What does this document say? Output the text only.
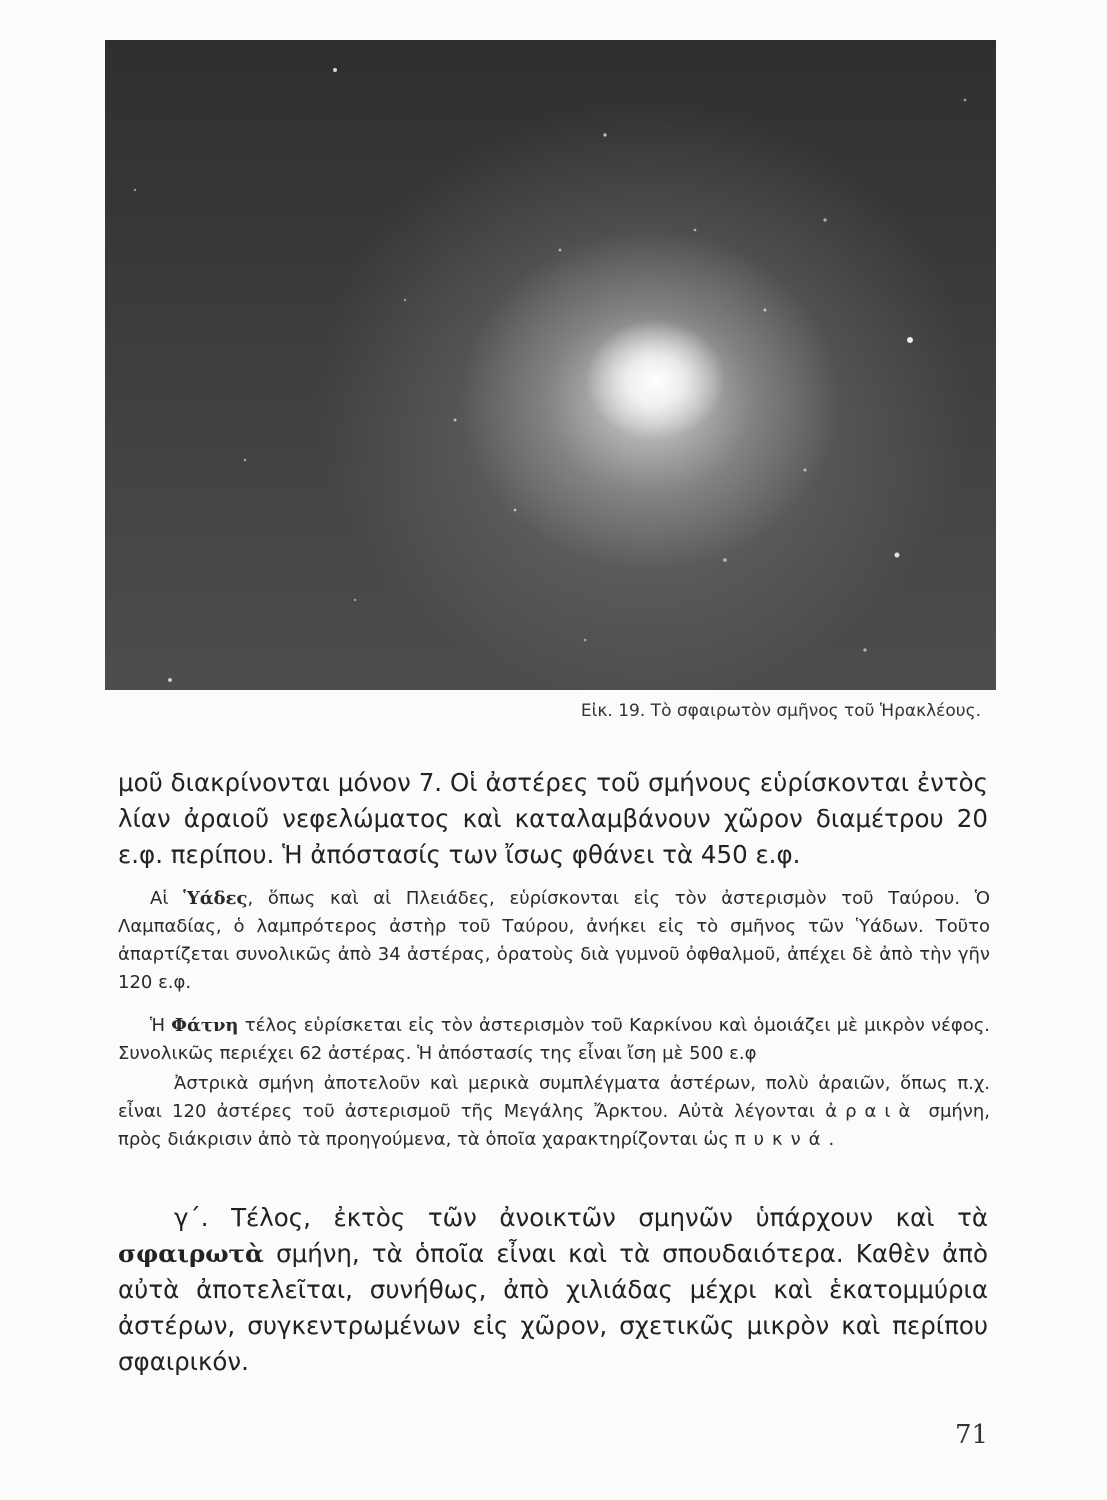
Εἰκ. 19. Τὸ σφαιρωτὸν σμῆνος τοῦ Ἡρακλέους.

μοῦ διακρίνονται μόνον 7. Οἱ ἀστέρες τοῦ σμήνους εὑρίσκονται ἐντὸς λίαν ἀραιοῦ νεφελώματος καὶ καταλαμβάνουν χῶρον διαμέτρου 20 ε.φ. περίπου. Ἡ ἀπόστασίς των ἴσως φθάνει τὰ 450 ε.φ.

Αἱ Ὑάδες, ὅπως καὶ αἱ Πλειάδες, εὑρίσκονται εἰς τὸν ἀστερισμὸν τοῦ Ταύρου. Ὁ Λαμπαδίας, ὁ λαμπρότερος ἀστὴρ τοῦ Ταύρου, ἀνήκει εἰς τὸ σμῆνος τῶν Ὑάδων. Τοῦτο ἀπαρτίζεται συνολικῶς ἀπὸ 34 ἀστέρας, ὁρατοὺς διὰ γυμνοῦ ὀφθαλμοῦ, ἀπέχει δὲ ἀπὸ τὴν γῆν 120 ε.φ.

Ἡ Φάτνη τέλος εὑρίσκεται εἰς τὸν ἀστερισμὸν τοῦ Καρκίνου καὶ ὁμοιάζει μὲ μικρὸν νέφος. Συνολικῶς περιέχει 62 ἀστέρας. Ἡ ἀπόστασίς της εἶναι ἴση μὲ 500 ε.φ

Ἀστρικὰ σμήνη ἀποτελοῦν καὶ μερικὰ συμπλέγματα ἀστέρων, πολὺ ἀραιῶν, ὅπως π.χ. εἶναι 120 ἀστέρες τοῦ ἀστερισμοῦ τῆς Μεγάλης Ἄρκτου. Αὐτὰ λέγονται ἀραιὰ σμήνη, πρὸς διάκρισιν ἀπὸ τὰ προηγούμενα, τὰ ὁποῖα χαρακτηρίζονται ὡς πυκνά.

γ΄. Τέλος, ἐκτὸς τῶν ἀνοικτῶν σμηνῶν ὑπάρχουν καὶ τὰ σφαιρωτὰ σμήνη, τὰ ὁποῖα εἶναι καὶ τὰ σπουδαιότερα. Καθὲν ἀπὸ αὐτὰ ἀποτελεῖται, συνήθως, ἀπὸ χιλιάδας μέχρι καὶ ἑκατομμύρια ἀστέρων, συγκεντρωμένων εἰς χῶρον, σχετικῶς μικρὸν καὶ περίπου σφαιρικόν.

71
